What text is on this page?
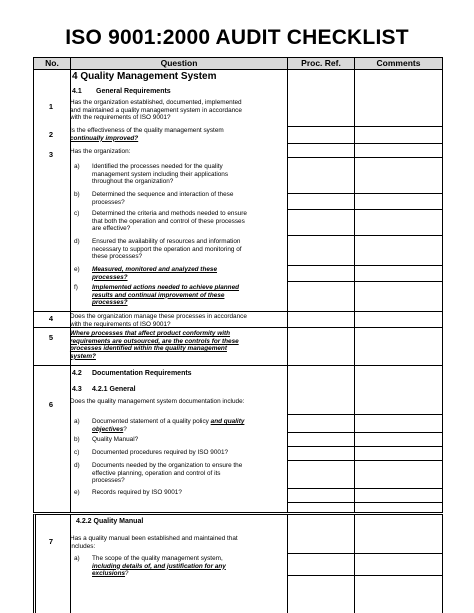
ISO 9001:2000 AUDIT CHECKLIST
No.	Question	Proc. Ref.	Comments
4 Quality Management System
4.1 General Requirements
1	Has the organization established, documented, implemented and maintained a quality management system in accordance with the requirements of ISO 9001?
2	Is the effectiveness of the quality management system continually improved?
3	Has the organization:
a) Identified the processes needed for the quality management system including their applications throughout the organization?
b) Determined the sequence and interaction of these processes?
c) Determined the criteria and methods needed to ensure that both the operation and control of these processes are effective?
d) Ensured the availability of resources and information necessary to support the operation and monitoring of these processes?
e) Measured, monitored and analyzed these processes?
f) Implemented actions needed to achieve planned results and continual improvement of these processes?
4	Does the organization manage these processes in accordance with the requirements of ISO 9001?
5	Where processes that affect product conformity with requirements are outsourced, are the controls for these processes identified within the quality management system?
4.2 Documentation Requirements
4.3 4.2.1 General
6	Does the quality management system documentation include:
a) Documented statement of a quality policy and quality objectives?
b) Quality Manual?
c) Documented procedures required by ISO 9001?
d) Documents needed by the organization to ensure the effective planning, operation and control of its processes?
e) Records required by ISO 9001?
4.2.2 Quality Manual
7	Has a quality manual been established and maintained that includes:
a) The scope of the quality management system, including details of, and justification for any exclusions?
